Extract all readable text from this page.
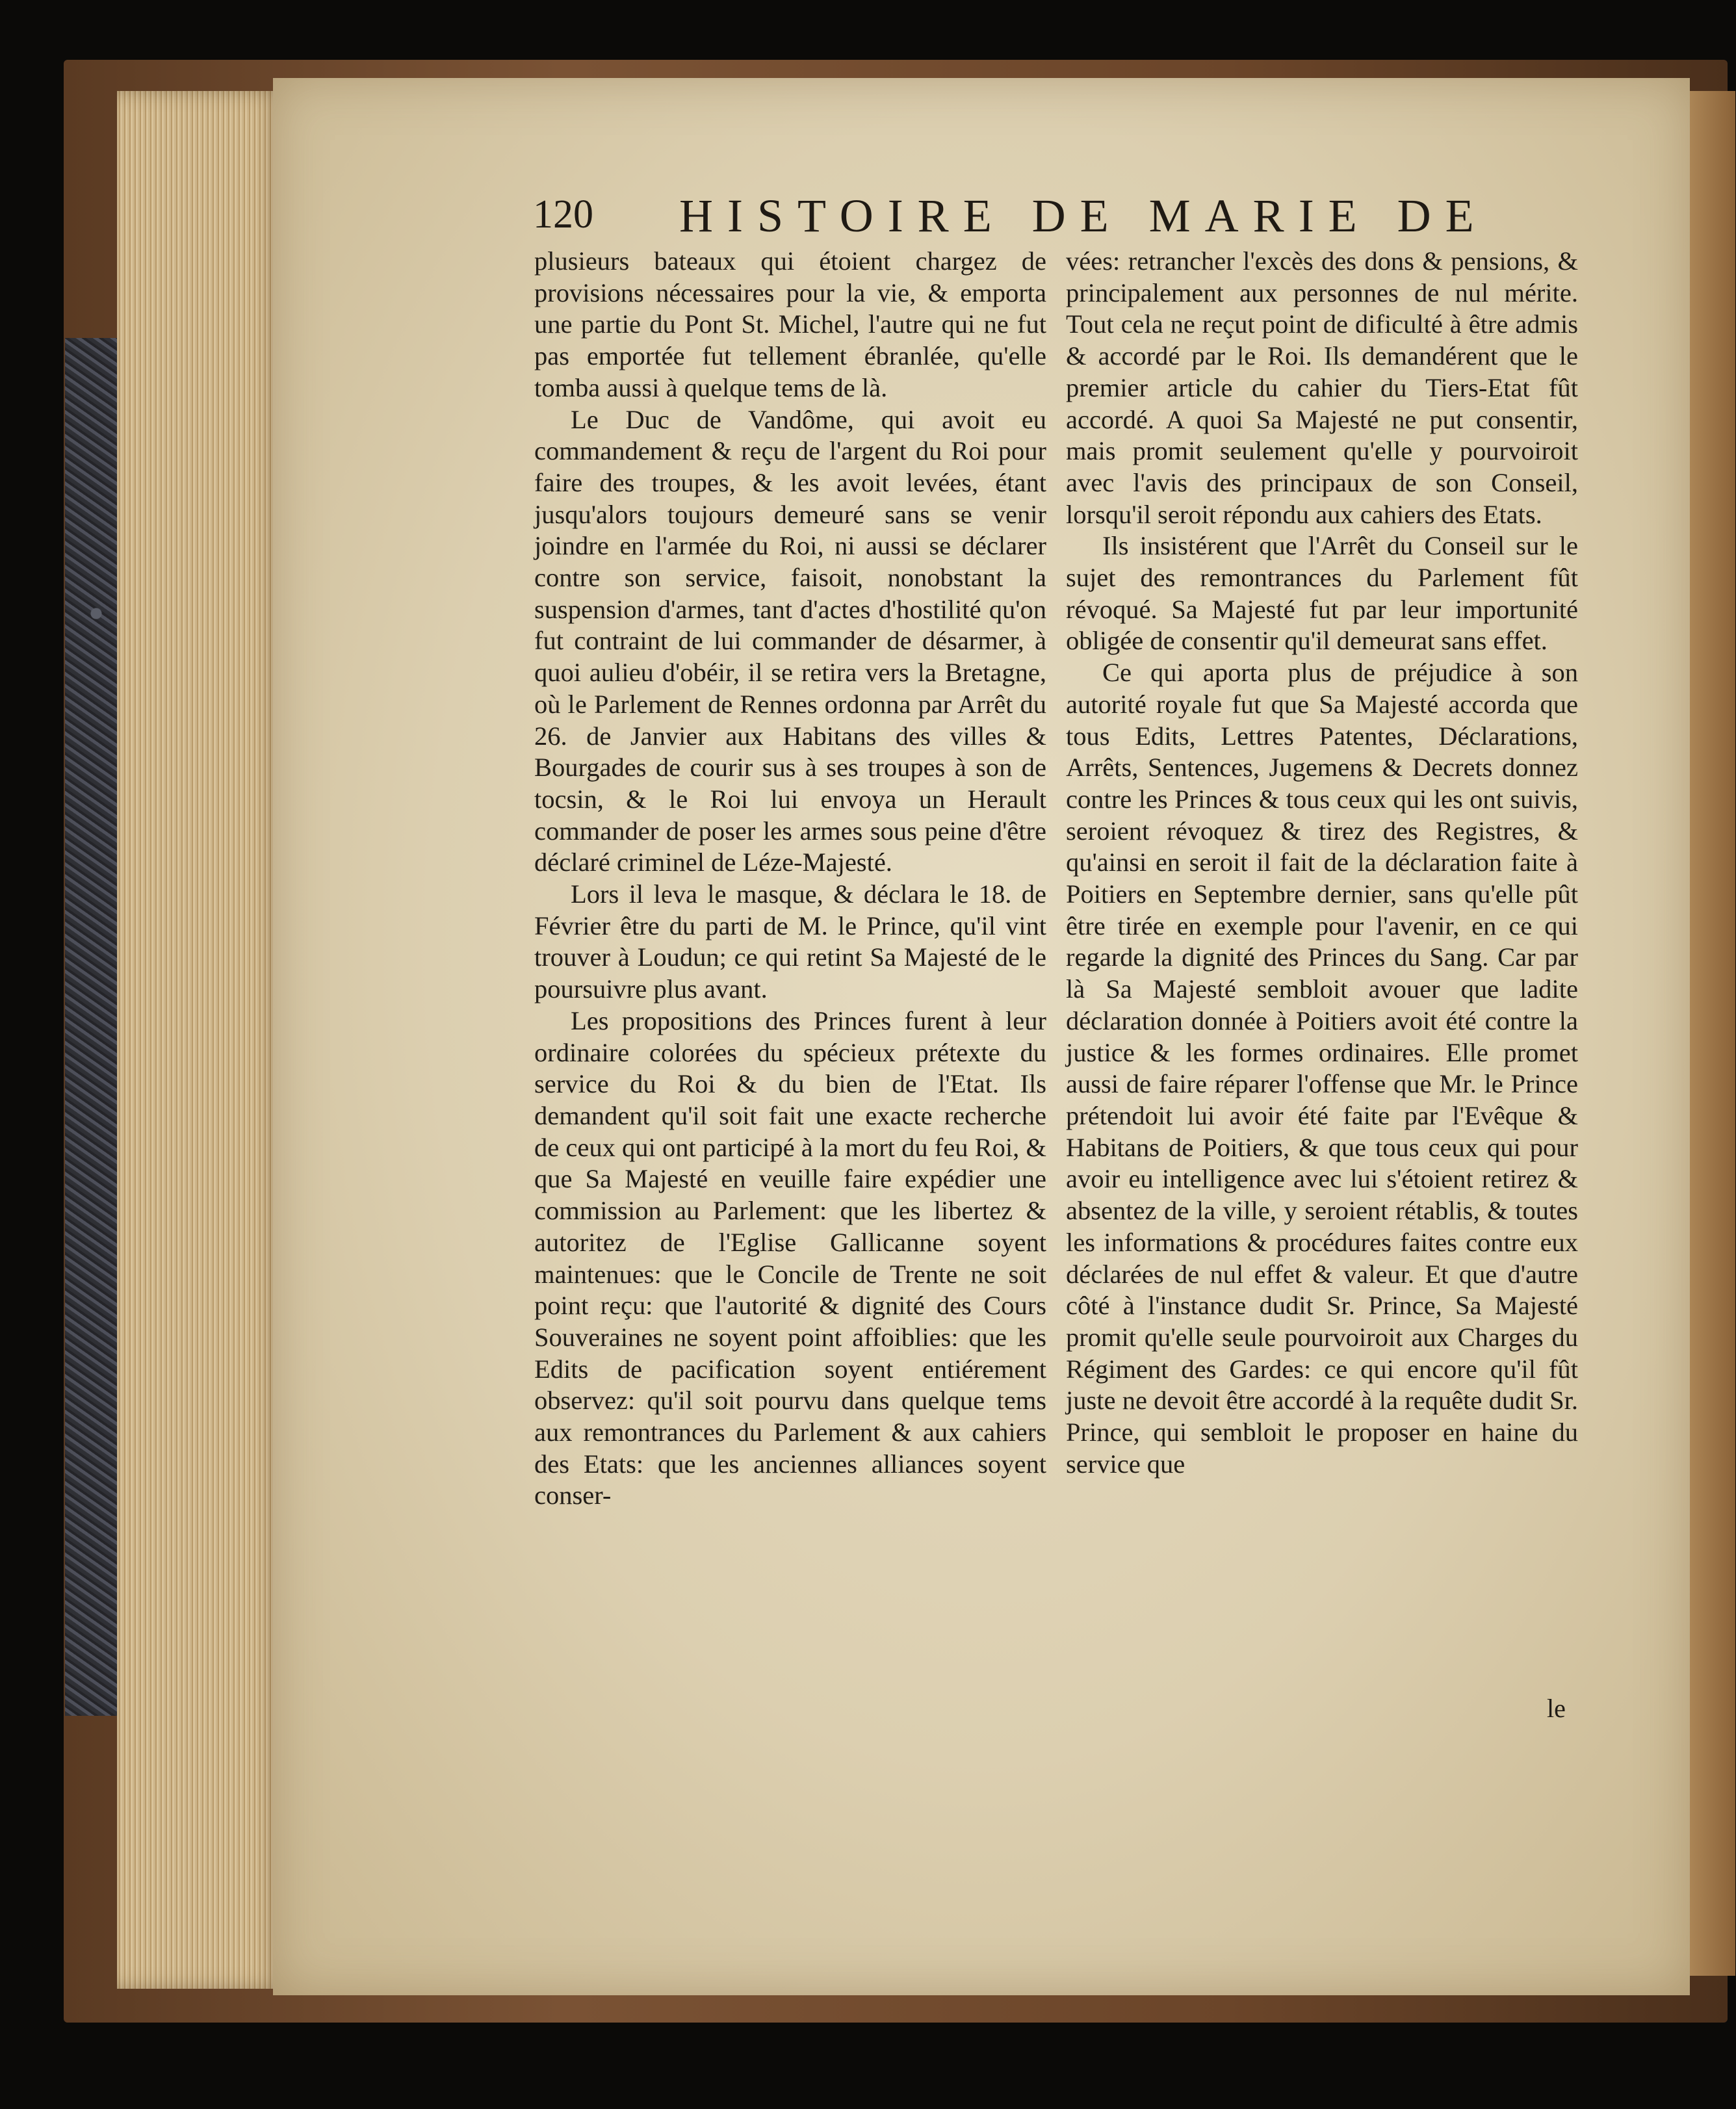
120 HISTOIRE DE MARIE DE

plusieurs bateaux qui étoient chargez de provisions nécessaires pour la vie, & emporta une partie du Pont St. Michel, l'autre qui ne fut pas emportée fut tellement ébranlée, qu'elle tomba aussi à quelque tems de là.

Le Duc de Vandôme, qui avoit eu commandement & reçu de l'argent du Roi pour faire des troupes, & les avoit levées, étant jusqu'alors toujours demeuré sans se venir joindre en l'armée du Roi, ni aussi se déclarer contre son service, faisoit, nonobstant la suspension d'armes, tant d'actes d'hostilité qu'on fut contraint de lui commander de désarmer, à quoi aulieu d'obéir, il se retira vers la Bretagne, où le Parlement de Rennes ordonna par Arrêt du 26. de Janvier aux Habitans des villes & Bourgades de courir sus à ses troupes à son de tocsin, & le Roi lui envoya un Herault commander de poser les armes sous peine d'être déclaré criminel de Léze-Majesté.

Lors il leva le masque, & déclara le 18. de Février être du parti de M. le Prince, qu'il vint trouver à Loudun; ce qui retint Sa Majesté de le poursuivre plus avant.

Les propositions des Princes furent à leur ordinaire colorées du spécieux prétexte du service du Roi & du bien de l'Etat. Ils demandent qu'il soit fait une exacte recherche de ceux qui ont participé à la mort du feu Roi, & que Sa Majesté en veuille faire expédier une commission au Parlement: que les libertez & autoritez de l'Eglise Gallicanne soyent maintenues: que le Concile de Trente ne soit point reçu: que l'autorité & dignité des Cours Souveraines ne soyent point affoiblies: que les Edits de pacification soyent entiérement observez: qu'il soit pourvu dans quelque tems aux remontrances du Parlement & aux cahiers des Etats: que les anciennes alliances soyent conser-

vées: retrancher l'excès des dons & pensions, & principalement aux personnes de nul mérite. Tout cela ne reçut point de dificulté à être admis & accordé par le Roi. Ils demandérent que le premier article du cahier du Tiers-Etat fût accordé. A quoi Sa Majesté ne put consentir, mais promit seulement qu'elle y pourvoiroit avec l'avis des principaux de son Conseil, lorsqu'il seroit répondu aux cahiers des Etats.

Ils insistérent que l'Arrêt du Conseil sur le sujet des remontrances du Parlement fût révoqué. Sa Majesté fut par leur importunité obligée de consentir qu'il demeurat sans effet.

Ce qui aporta plus de préjudice à son autorité royale fut que Sa Majesté accorda que tous Edits, Lettres Patentes, Déclarations, Arrêts, Sentences, Jugemens & Decrets donnez contre les Princes & tous ceux qui les ont suivis, seroient révoquez & tirez des Registres, & qu'ainsi en seroit il fait de la déclaration faite à Poitiers en Septembre dernier, sans qu'elle pût être tirée en exemple pour l'avenir, en ce qui regarde la dignité des Princes du Sang. Car par là Sa Majesté sembloit avouer que ladite déclaration donnée à Poitiers avoit été contre la justice & les formes ordinaires. Elle promet aussi de faire réparer l'offense que Mr. le Prince prétendoit lui avoir été faite par l'Evêque & Habitans de Poitiers, & que tous ceux qui pour avoir eu intelligence avec lui s'étoient retirez & absentez de la ville, y seroient rétablis, & toutes les informations & procédures faites contre eux déclarées de nul effet & valeur. Et que d'autre côté à l'instance dudit Sr. Prince, Sa Majesté promit qu'elle seule pourvoiroit aux Charges du Régiment des Gardes: ce qui encore qu'il fût juste ne devoit être accordé à la requête dudit Sr. Prince, qui sembloit le proposer en haine du service que

le
